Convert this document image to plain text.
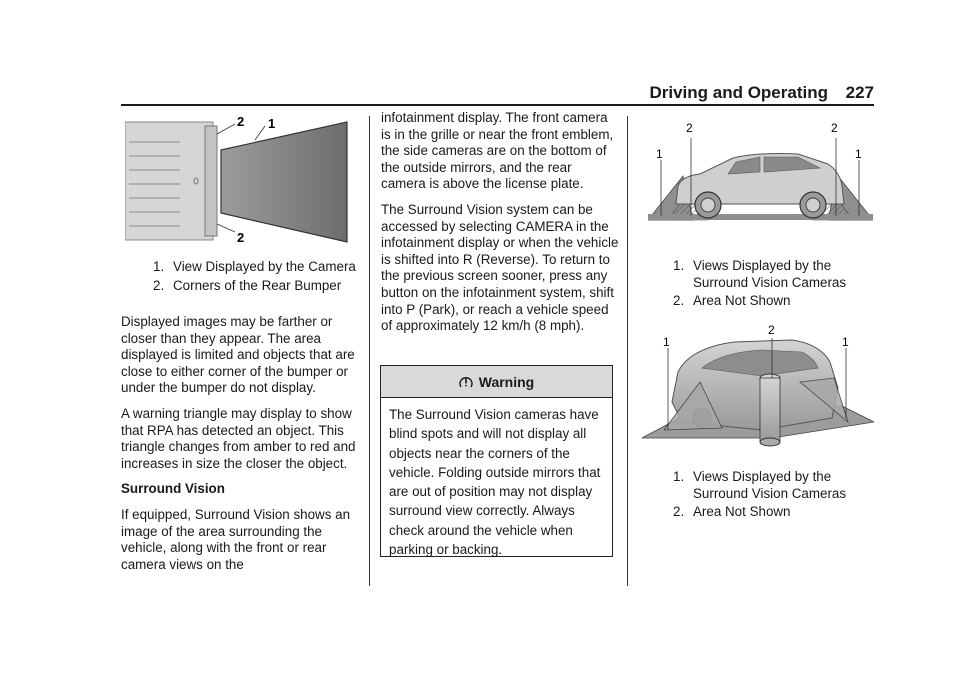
Driving and Operating 227
2 1
2
1. View Displayed by the Camera
2. Corners of the Rear Bumper

Displayed images may be farther or closer than they appear. The area displayed is limited and objects that are close to either corner of the bumper or under the bumper do not display.

A warning triangle may display to show that RPA has detected an object. This triangle changes from amber to red and increases in size the closer the object.

Surround Vision

If equipped, Surround Vision shows an image of the area surrounding the vehicle, along with the front or rear camera views on the

infotainment display. The front camera is in the grille or near the front emblem, the side cameras are on the bottom of the outside mirrors, and the rear camera is above the license plate.

The Surround Vision system can be accessed by selecting CAMERA in the infotainment display or when the vehicle is shifted into R (Reverse). To return to the previous screen sooner, press any button on the infotainment system, shift into P (Park), or reach a vehicle speed of approximately 12 km/h (8 mph).

Warning
The Surround Vision cameras have blind spots and will not display all objects near the corners of the vehicle. Folding outside mirrors that are out of position may not display surround view correctly. Always check around the vehicle when parking or backing.
1
2	2
1
1. Views Displayed by the Surround Vision Cameras
2. Area Not Shown
1
2
1
1. Views Displayed by the Surround Vision Cameras
2. Area Not Shown
